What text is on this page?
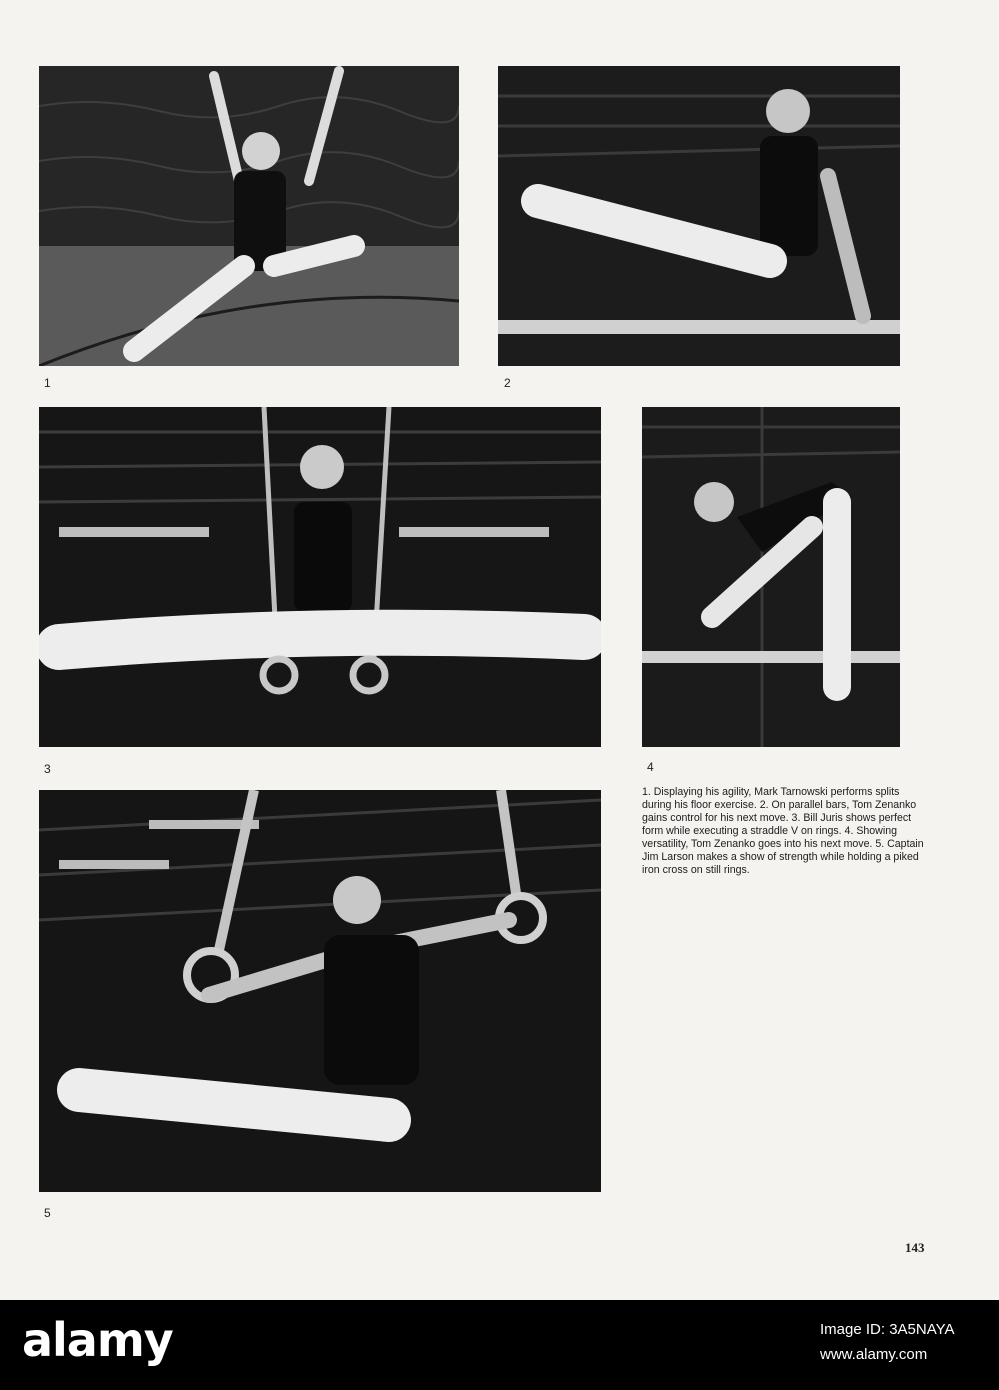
1	2
3	4
5

1. Displaying his agility, Mark Tarnowski performs splits during his floor exercise. 2. On parallel bars, Tom Zenanko gains control for his next move. 3. Bill Juris shows perfect form while executing a straddle V on rings. 4. Showing versatility, Tom Zenanko goes into his next move. 5. Captain Jim Larson makes a show of strength while holding a piked iron cross on still rings.

143
alamy	Image ID: 3A5NAYA
www.alamy.com
